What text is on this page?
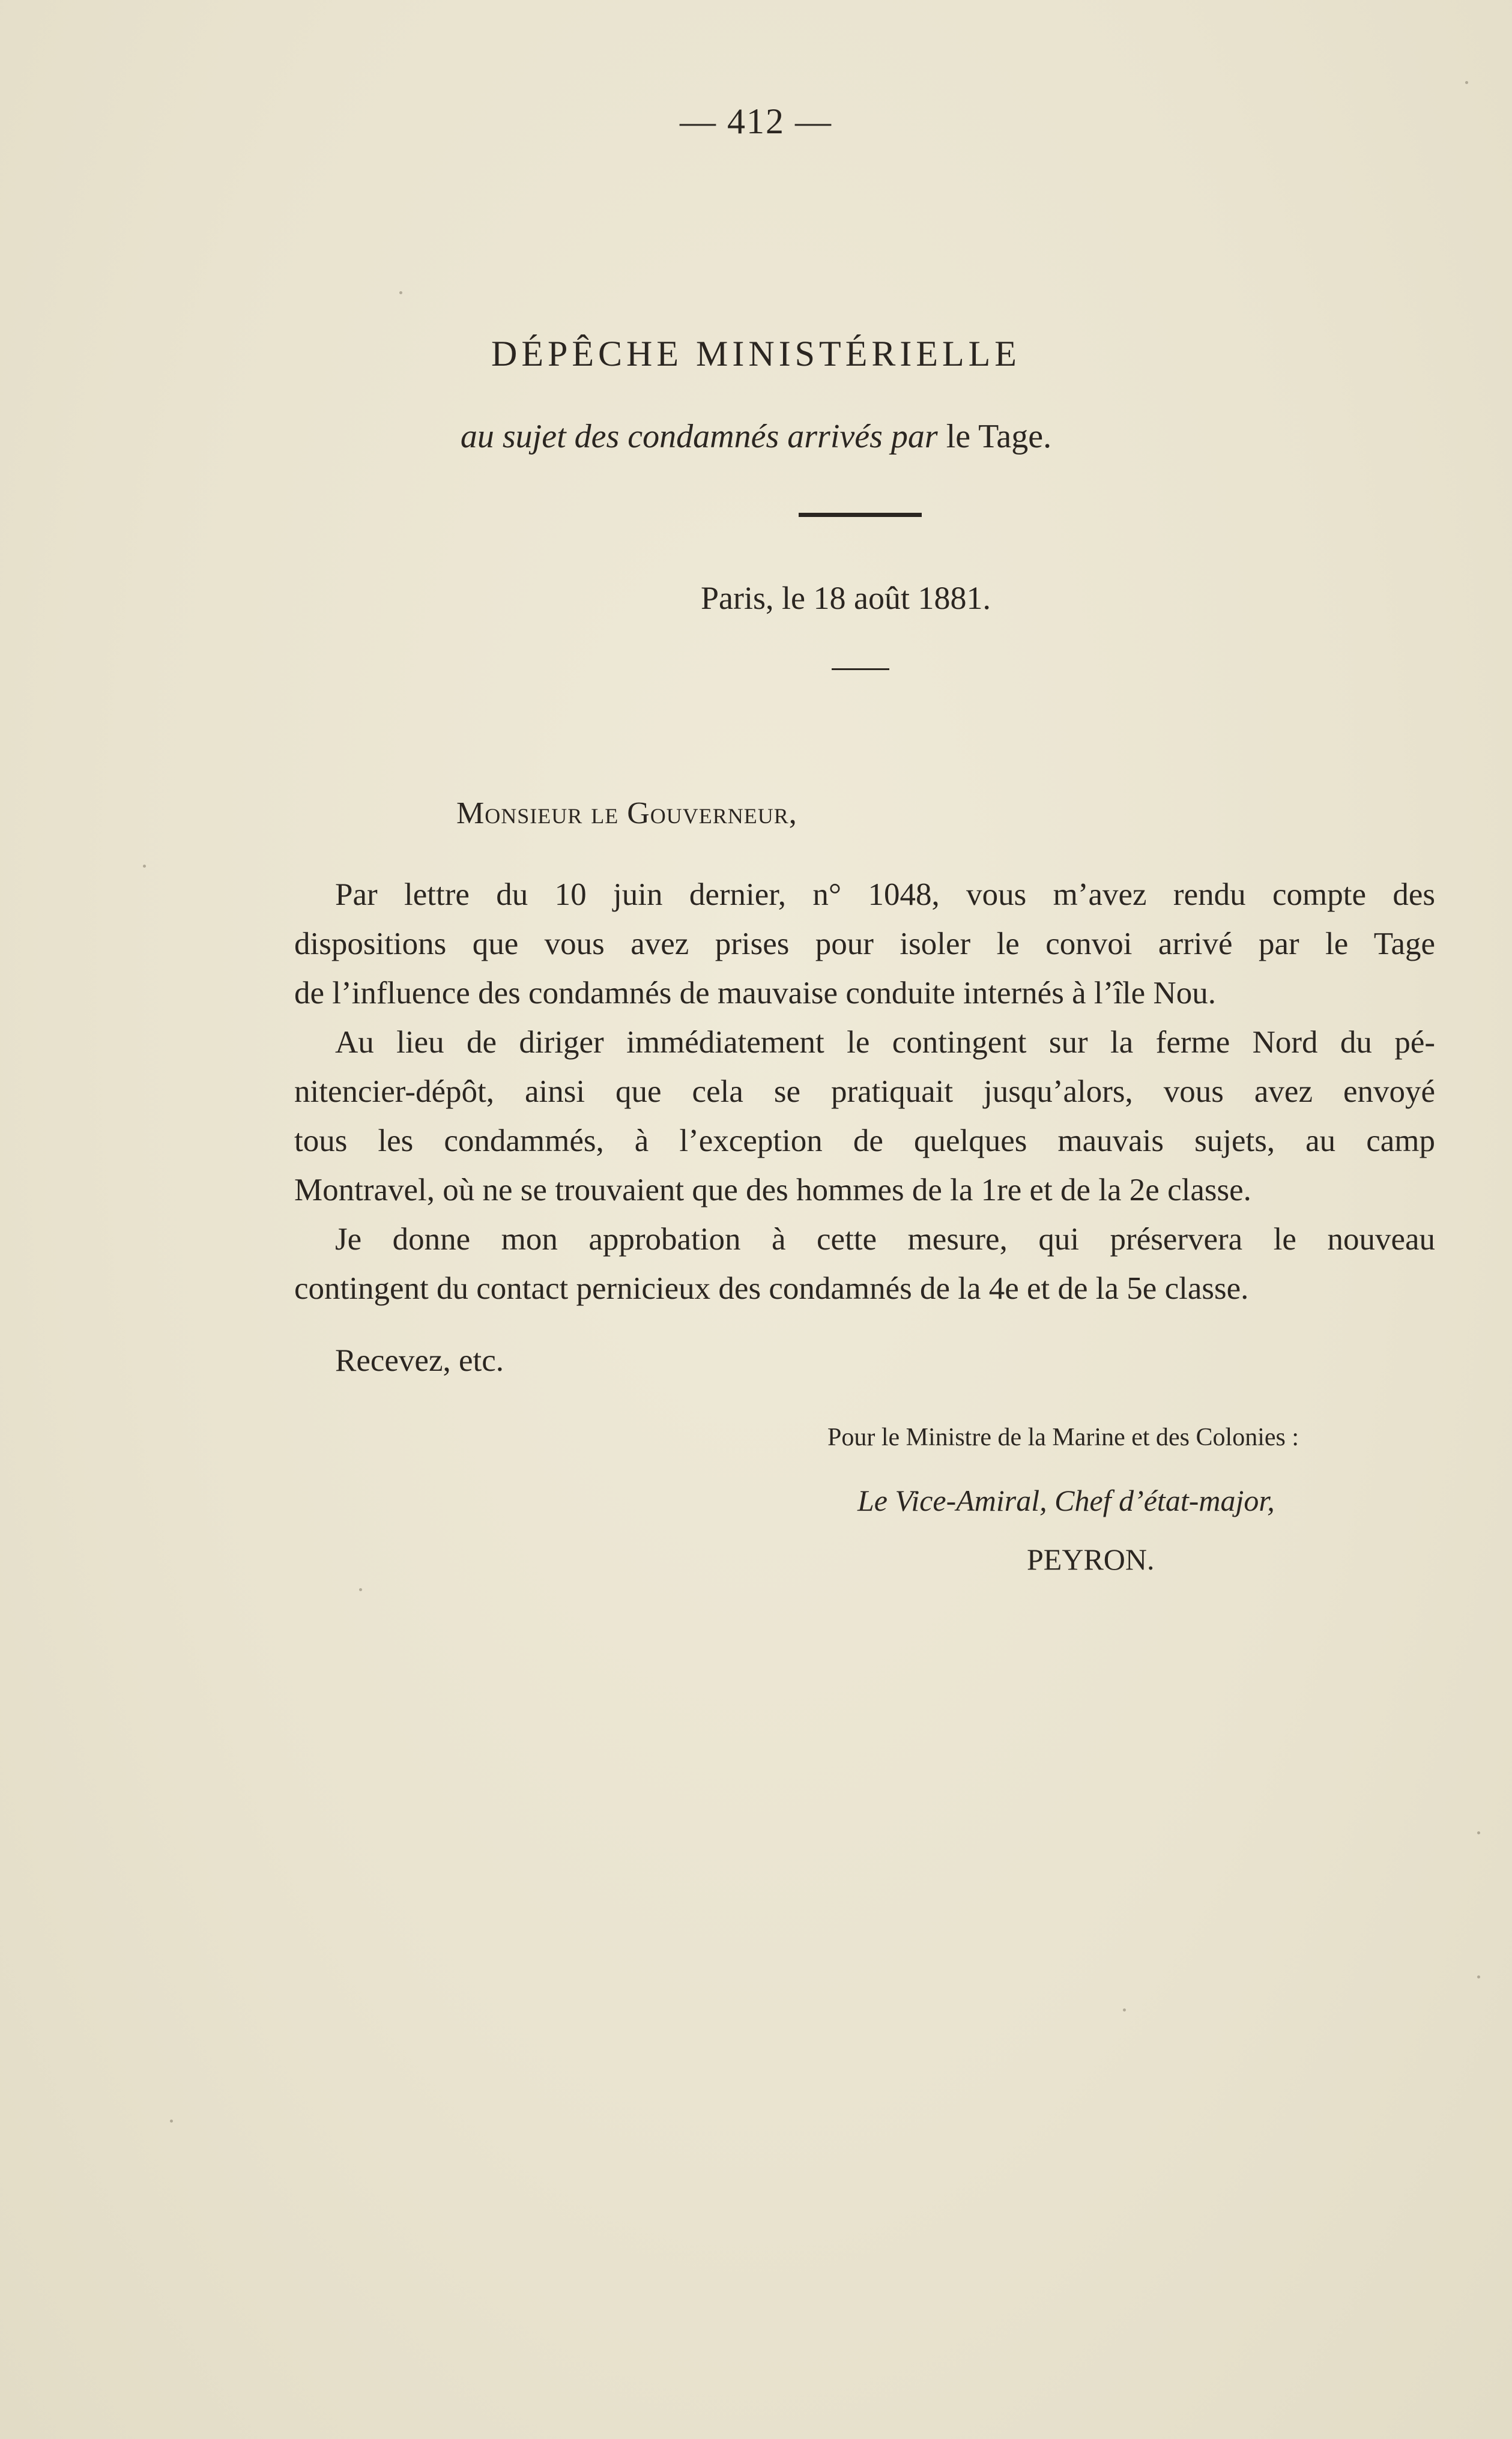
— 412 —
DÉPÊCHE MINISTÉRIELLE
au sujet des condamnés arrivés par le Tage.
Paris, le 18 août 1881.
Monsieur le Gouverneur,
Par lettre du 10 juin dernier, n° 1048, vous m’avez rendu compte des
dispositions que vous avez prises pour isoler le convoi arrivé par le Tage
de l’influence des condamnés de mauvaise conduite internés à l’île Nou.
Au lieu de diriger immédiatement le contingent sur la ferme Nord du pé-
nitencier-dépôt, ainsi que cela se pratiquait jusqu’alors, vous avez envoyé
tous les condammés, à l’exception de quelques mauvais sujets, au camp
Montravel, où ne se trouvaient que des hommes de la 1re et de la 2e classe.
Je donne mon approbation à cette mesure, qui préservera le nouveau
contingent du contact pernicieux des condamnés de la 4e et de la 5e classe.
Recevez, etc.
Pour le Ministre de la Marine et des Colonies :
Le Vice-Amiral, Chef d’état-major,
PEYRON.
